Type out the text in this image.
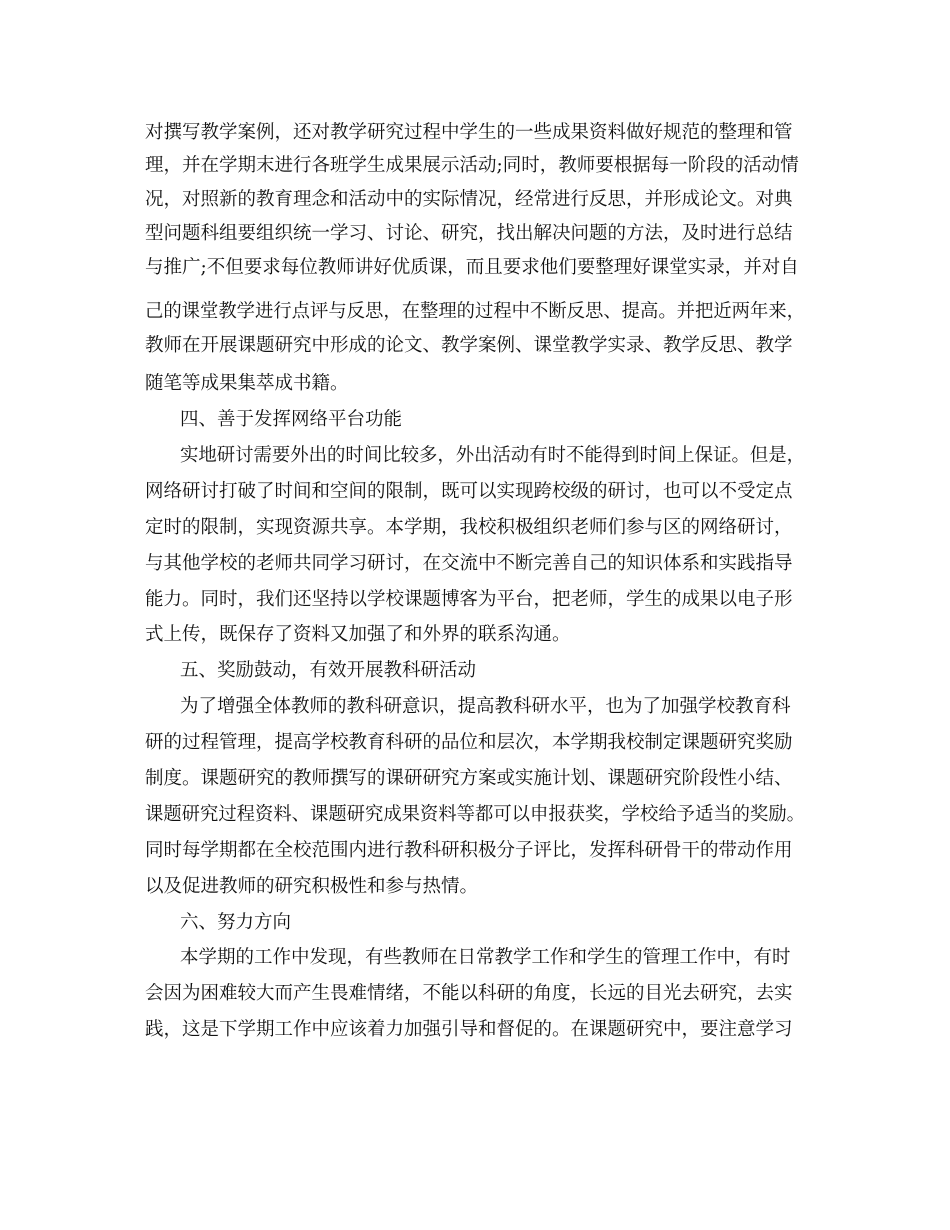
对撰写教学案例，还对教学研究过程中学生的一些成果资料做好规范的整理和管
理，并在学期末进行各班学生成果展示活动;同时，教师要根据每一阶段的活动情
况，对照新的教育理念和活动中的实际情况，经常进行反思，并形成论文。对典
型问题科组要组织统一学习、讨论、研究，找出解决问题的方法，及时进行总结
与推广;不但要求每位教师讲好优质课，而且要求他们要整理好课堂实录，并对自
己的课堂教学进行点评与反思，在整理的过程中不断反思、提高。并把近两年来，
教师在开展课题研究中形成的论文、教学案例、课堂教学实录、教学反思、教学
随笔等成果集萃成书籍。
四、善于发挥网络平台功能
实地研讨需要外出的时间比较多，外出活动有时不能得到时间上保证。但是，
网络研讨打破了时间和空间的限制，既可以实现跨校级的研讨，也可以不受定点
定时的限制，实现资源共享。本学期，我校积极组织老师们参与区的网络研讨，
与其他学校的老师共同学习研讨，在交流中不断完善自己的知识体系和实践指导
能力。同时，我们还坚持以学校课题博客为平台，把老师，学生的成果以电子形
式上传，既保存了资料又加强了和外界的联系沟通。
五、奖励鼓动，有效开展教科研活动
为了增强全体教师的教科研意识，提高教科研水平，也为了加强学校教育科
研的过程管理，提高学校教育科研的品位和层次，本学期我校制定课题研究奖励
制度。课题研究的教师撰写的课研研究方案或实施计划、课题研究阶段性小结、
课题研究过程资料、课题研究成果资料等都可以申报获奖，学校给予适当的奖励。
同时每学期都在全校范围内进行教科研积极分子评比，发挥科研骨干的带动作用
以及促进教师的研究积极性和参与热情。
六、努力方向
本学期的工作中发现，有些教师在日常教学工作和学生的管理工作中，有时
会因为困难较大而产生畏难情绪，不能以科研的角度，长远的目光去研究，去实
践，这是下学期工作中应该着力加强引导和督促的。在课题研究中，要注意学习
